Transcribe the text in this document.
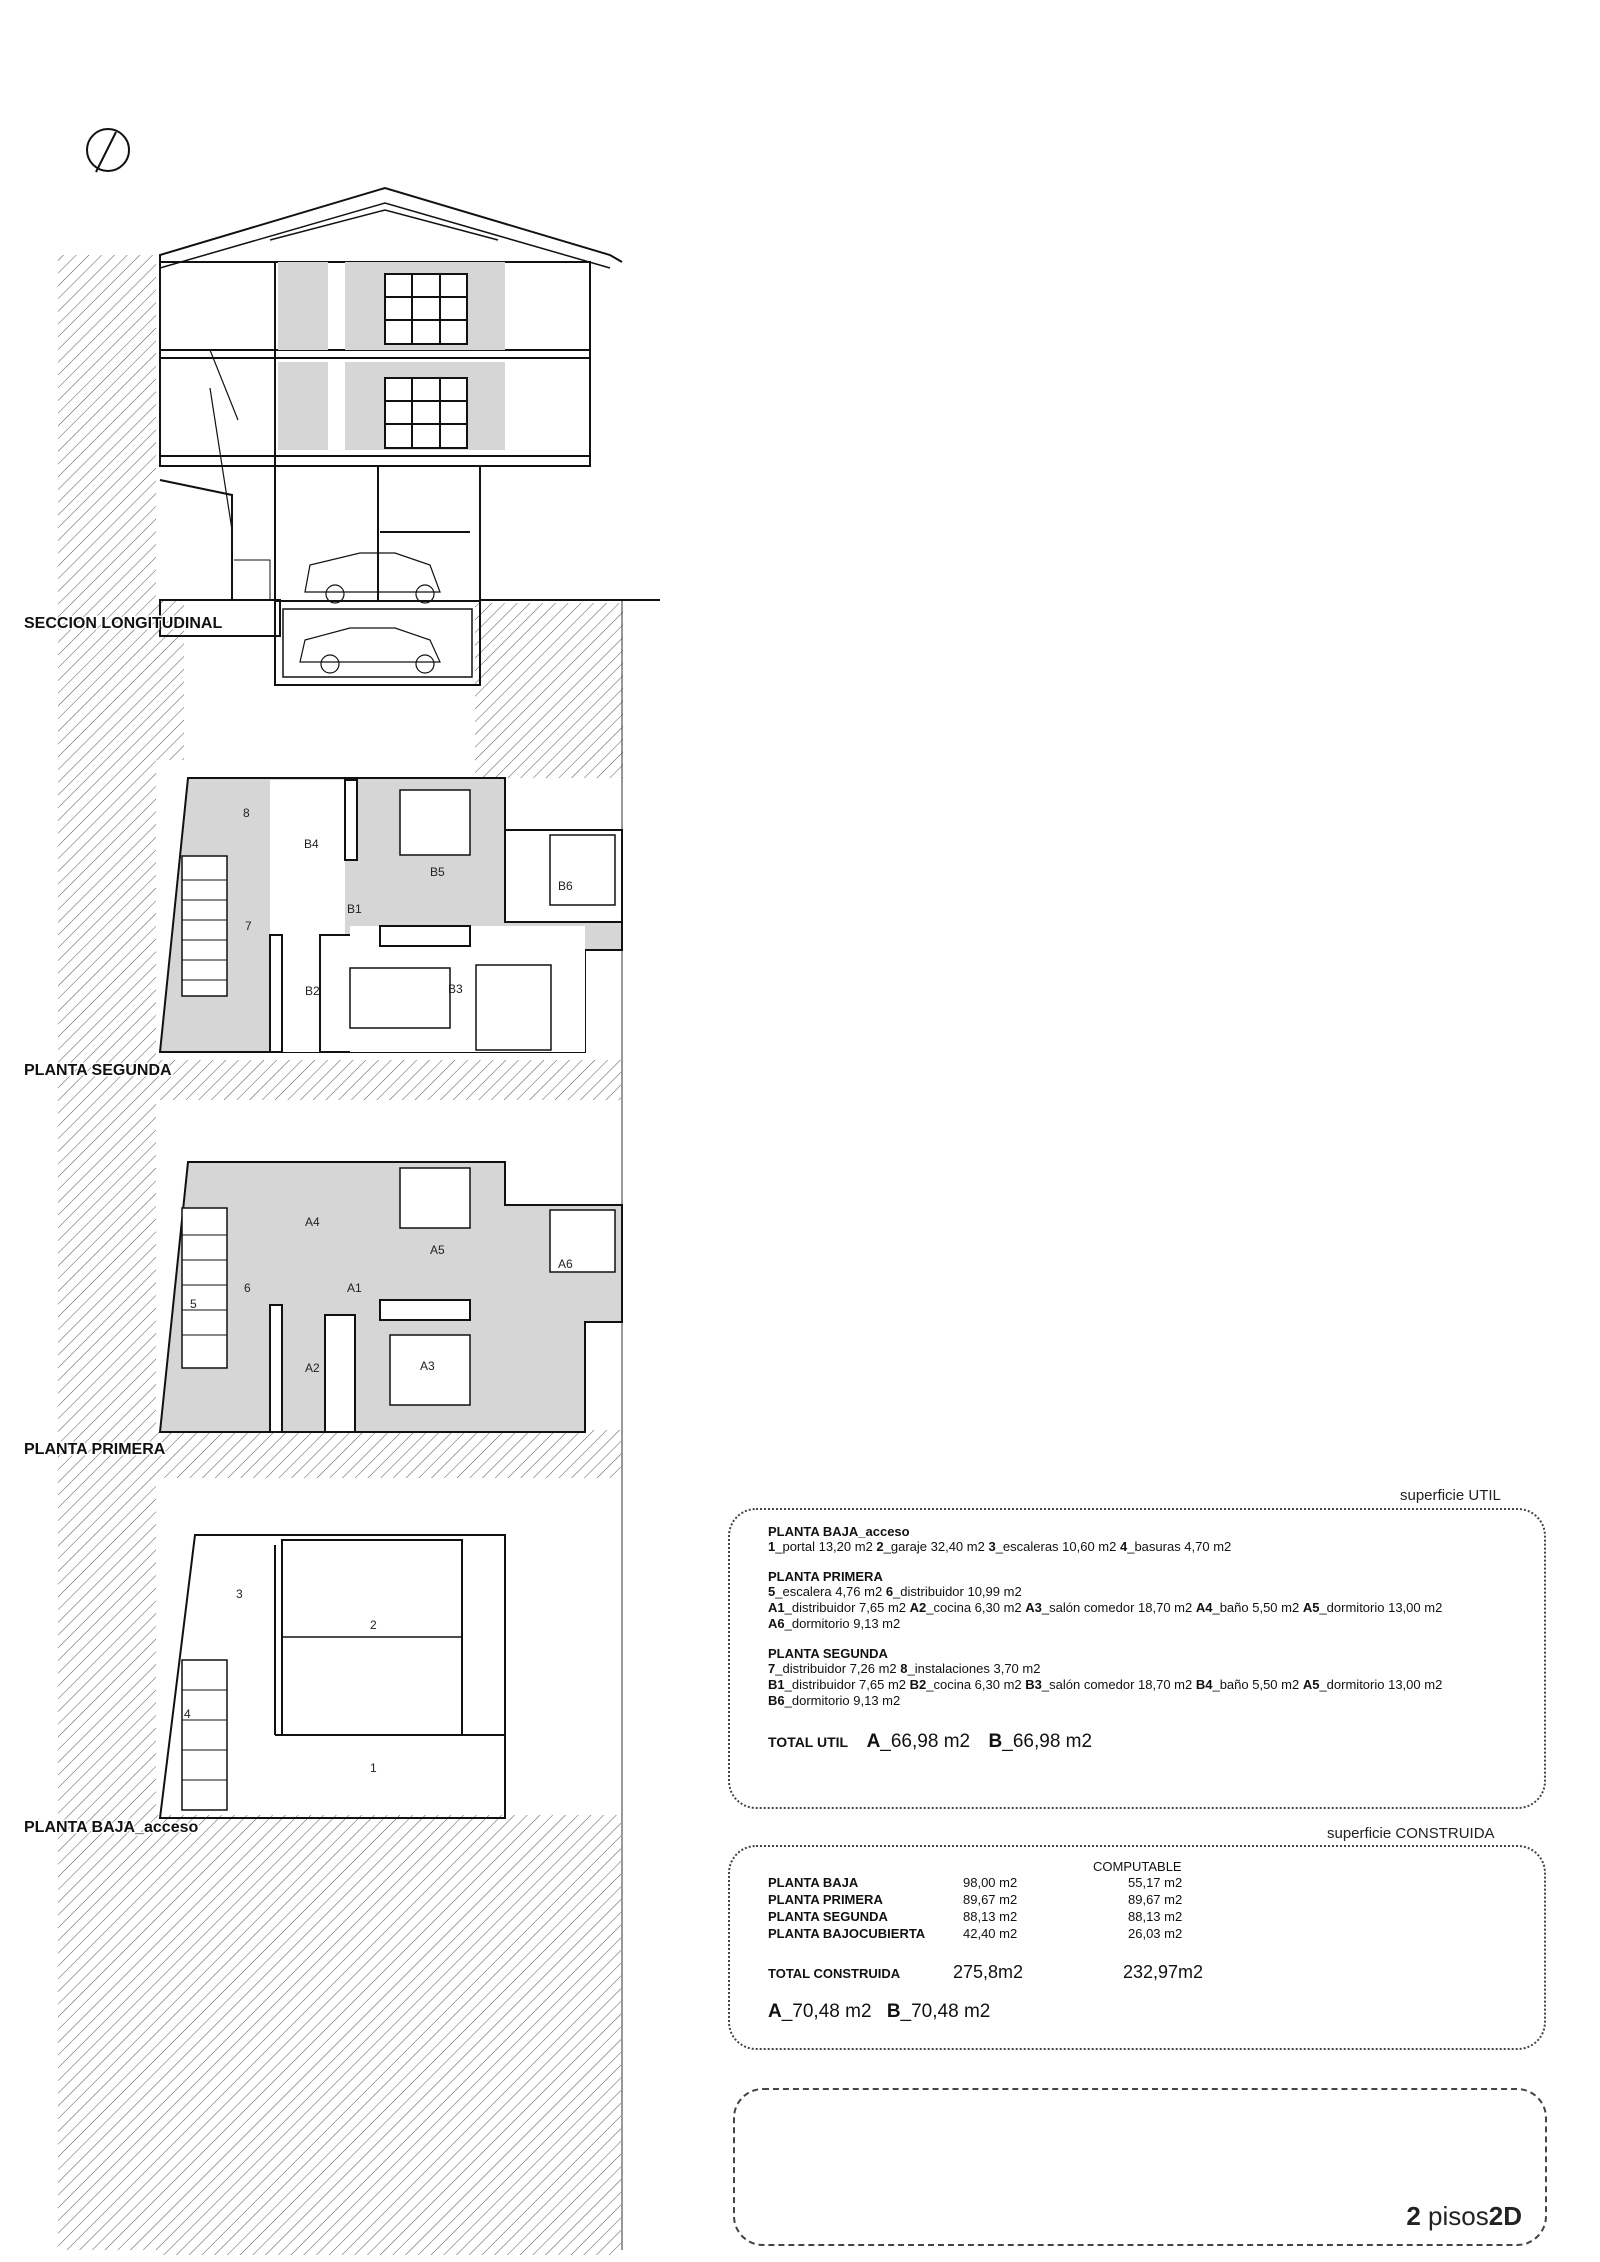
SECCION LONGITUDINAL
PLANTA SEGUNDA
PLANTA PRIMERA
PLANTA BAJA_acceso
8
B4
B5
B6
B1
7
B2	B3
A4
A5
A6
A1
6
5
A2	A3
3
2
4
1
superficie UTIL

PLANTA BAJA_acceso

1_portal 13,20 m2 2_garaje 32,40 m2 3_escaleras 10,60 m2 4_basuras 4,70 m2

PLANTA PRIMERA

5_escalera 4,76 m2 6_distribuidor 10,99 m2

A1_distribuidor 7,65 m2 A2_cocina 6,30 m2 A3_salón comedor 18,70 m2 A4_baño 5,50 m2 A5_dormitorio 13,00 m2

A6_dormitorio 9,13 m2

PLANTA SEGUNDA

7_distribuidor 7,26 m2 8_instalaciones 3,70 m2

B1_distribuidor 7,65 m2 B2_cocina 6,30 m2 B3_salón comedor 18,70 m2 B4_baño 5,50 m2 A5_dormitorio 13,00 m2

B6_dormitorio 9,13 m2

TOTAL UTIL A_66,98 m2 B_66,98 m2
superficie CONSTRUIDA
COMPUTABLE
PLANTA BAJA	98,00 m2	55,17 m2
PLANTA PRIMERA	89,67 m2	89,67 m2
PLANTA SEGUNDA	88,13 m2	88,13 m2
PLANTA BAJOCUBIERTA	42,40 m2	26,03 m2
TOTAL CONSTRUIDA	275,8m2	232,97m2
A_70,48 m2 B_70,48 m2
2 pisos2D
